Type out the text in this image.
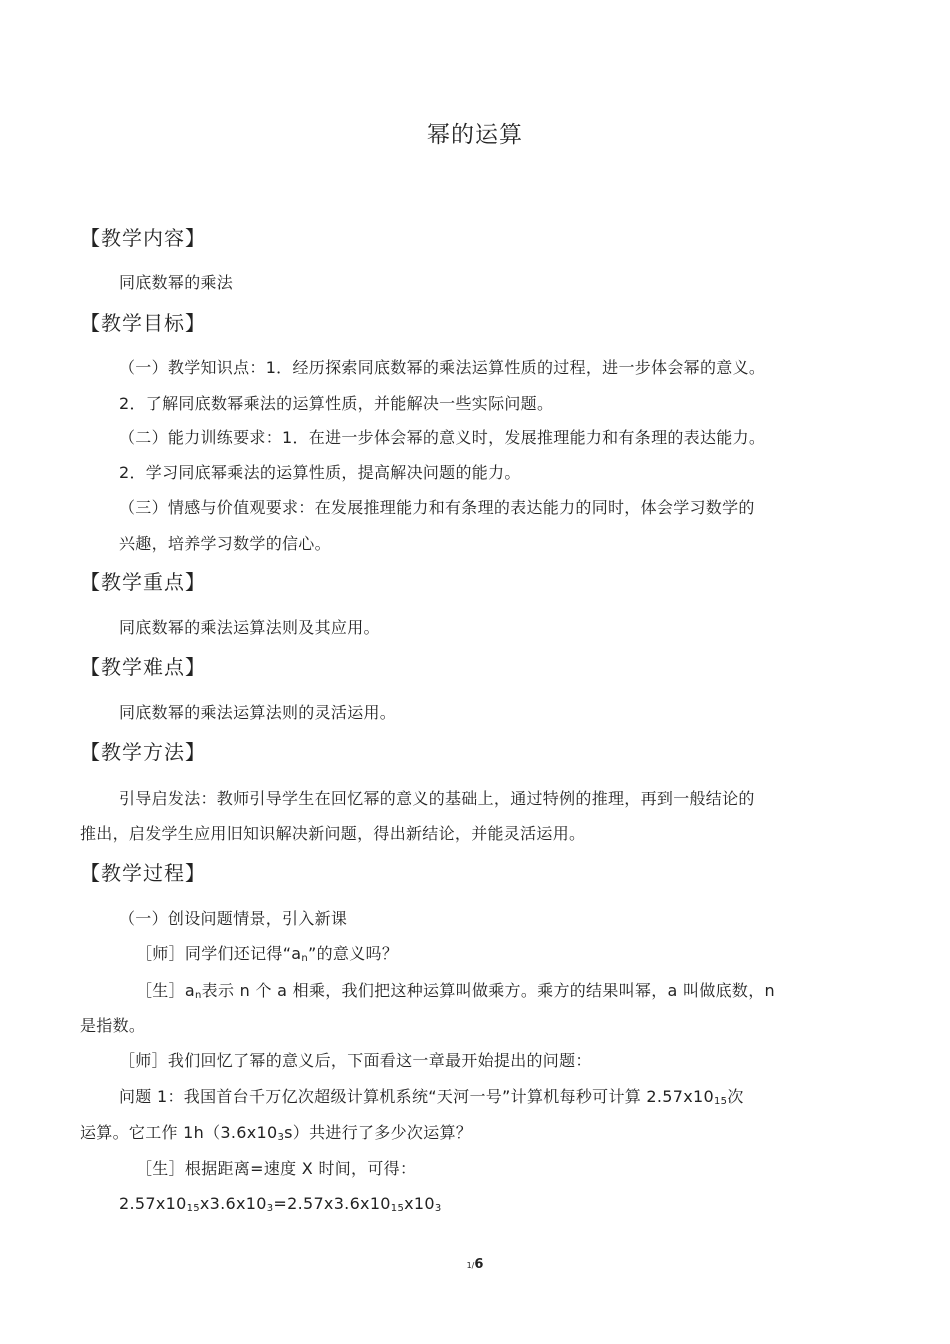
幂的运算
【教学内容】
同底数幂的乘法
【教学目标】
（一）教学知识点：1．经历探索同底数幂的乘法运算性质的过程，进一步体会幂的意义。
2．了解同底数幂乘法的运算性质，并能解决一些实际问题。
（二）能力训练要求：1．在进一步体会幂的意义时，发展推理能力和有条理的表达能力。
2．学习同底幂乘法的运算性质，提高解决问题的能力。
（三）情感与价值观要求：在发展推理能力和有条理的表达能力的同时，体会学习数学的
兴趣，培养学习数学的信心。
【教学重点】
同底数幂的乘法运算法则及其应用。
【教学难点】
同底数幂的乘法运算法则的灵活运用。
【教学方法】
引导启发法：教师引导学生在回忆幂的意义的基础上，通过特例的推理，再到一般结论的
推出，启发学生应用旧知识解决新问题，得出新结论，并能灵活运用。
【教学过程】
（一）创设问题情景，引入新课
［师］同学们还记得“$a_n$”的意义吗？
［生$]a_n$表示 n 个 a 相乘，我们把这种运算叫做乘方。乘方的结果叫幂，a 叫做底数，n
是指数。
［师］我们回忆了幂的意义后，下面看这一章最开始提出的问题：
问题 1：我国首台千万亿次超级计算机系统“天河一号”计算机每秒可计算 $2.57x10_{15}$次
运算。它工作 $1h(3.6x10_3s)$共进行了多少次运算？
［生］根据距离=速度 X 时间，可得：
$2.57x10_{15}x3.6x10_3=2.57x3.6x10_{15}x10_3$
1/6
